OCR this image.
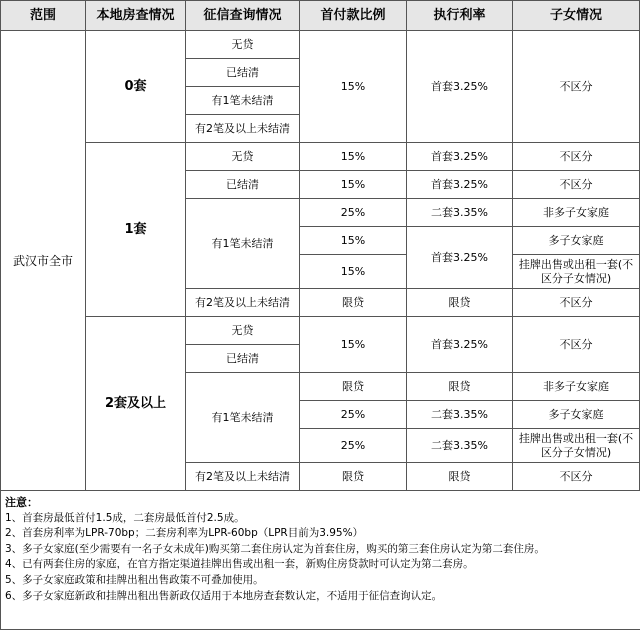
范围	本地房查情况	征信查询情况	首付款比例	执行利率	子女情况
武汉市全市	0套	无贷	15%	首套3.25%	不区分
		已结清			
		有1笔未结清			
		有2笔及以上未结清			
	1套	无贷	15%	首套3.25%	不区分
		已结清	15%	首套3.25%	不区分
		有1笔未结清	25%	二套3.35%	非多子女家庭
			15%	首套3.25%	多子女家庭
			15%		挂牌出售或出租一套(不区分子女情况)
		有2笔及以上未结清	限贷	限贷	不区分
	2套及以上	无贷	15%	首套3.25%	不区分
		已结清			
		有1笔未结清	限贷	限贷	非多子女家庭
			25%	二套3.35%	多子女家庭
			25%	二套3.35%	挂牌出售或出租一套(不区分子女情况)
		有2笔及以上未结清	限贷	限贷	不区分
注意：
1、首套房最低首付1.5成，二套房最低首付2.5成。
2、首套房利率为LPR-70bp；二套房利率为LPR-60bp（LPR目前为3.95%）
3、多子女家庭(至少需要有一名子女未成年)购买第二套住房认定为首套住房，购买的第三套住房认定为第二套住房。
4、已有两套住房的家庭，在官方指定渠道挂牌出售或出租一套，新购住房贷款时可认定为第二套房。
5、多子女家庭政策和挂牌出租出售政策不可叠加使用。
6、多子女家庭新政和挂牌出租出售新政仅适用于本地房查套数认定，不适用于征信查询认定。
